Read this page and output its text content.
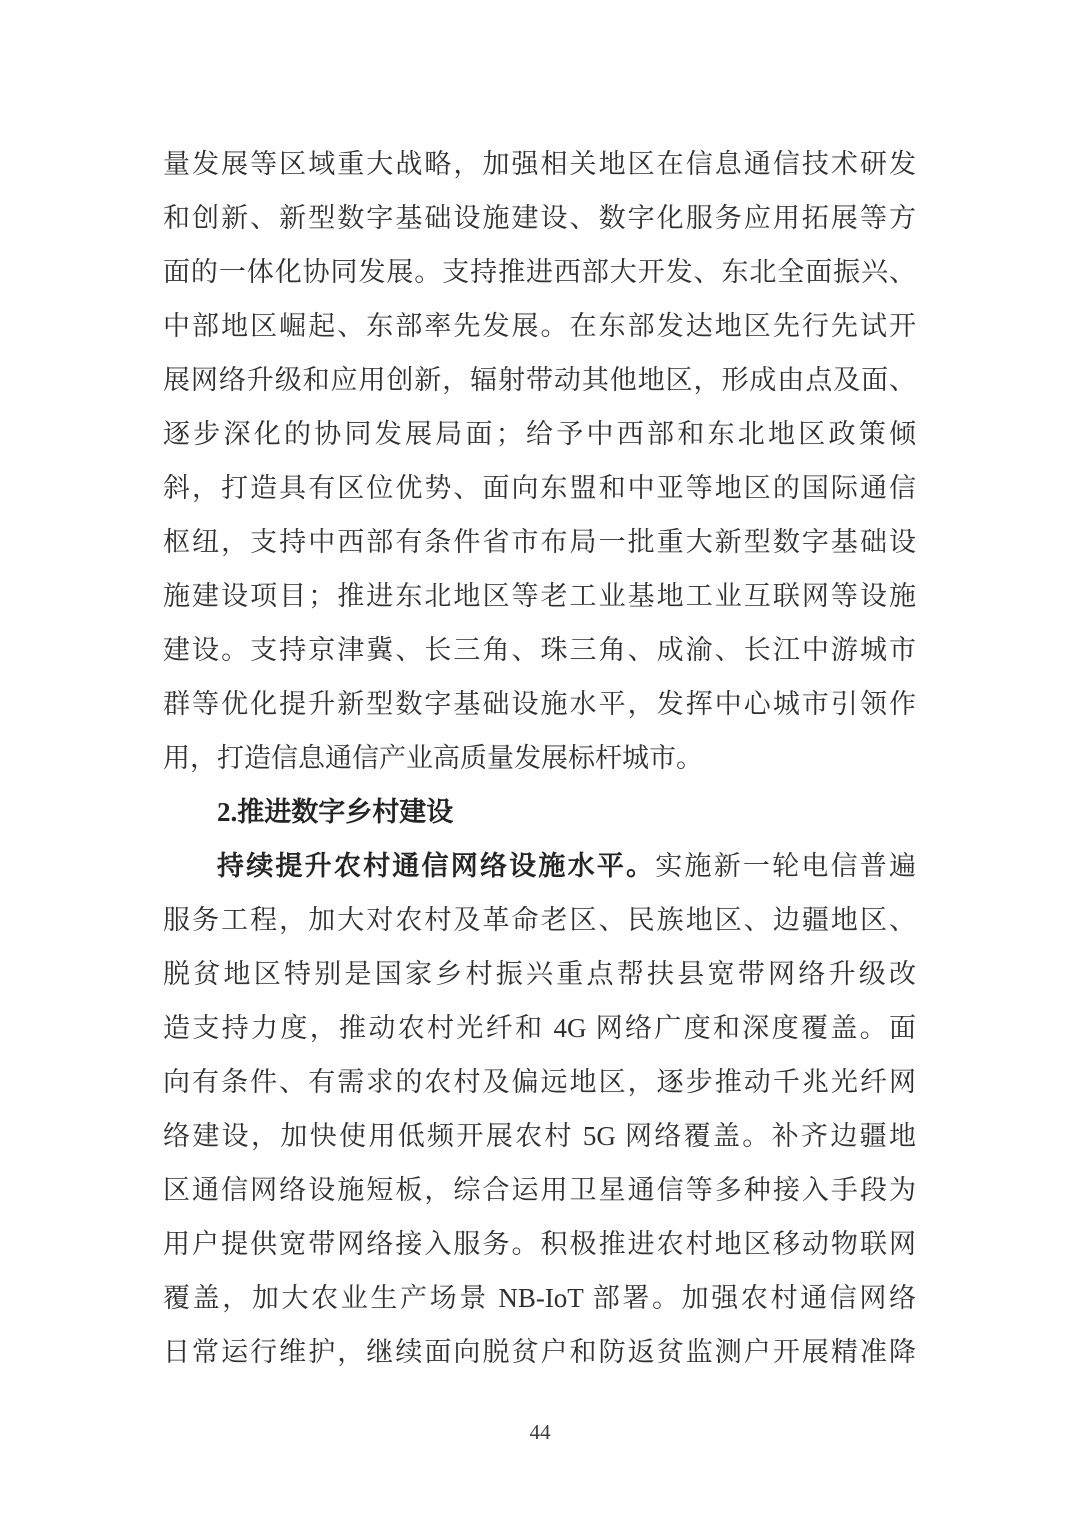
量发展等区域重大战略，加强相关地区在信息通信技术研发
和创新、新型数字基础设施建设、数字化服务应用拓展等方
面的一体化协同发展。支持推进西部大开发、东北全面振兴、
中部地区崛起、东部率先发展。在东部发达地区先行先试开
展网络升级和应用创新，辐射带动其他地区，形成由点及面、
逐步深化的协同发展局面；给予中西部和东北地区政策倾
斜，打造具有区位优势、面向东盟和中亚等地区的国际通信
枢纽，支持中西部有条件省市布局一批重大新型数字基础设
施建设项目；推进东北地区等老工业基地工业互联网等设施
建设。支持京津冀、长三角、珠三角、成渝、长江中游城市
群等优化提升新型数字基础设施水平，发挥中心城市引领作
用，打造信息通信产业高质量发展标杆城市。
2.推进数字乡村建设
持续提升农村通信网络设施水平。实施新一轮电信普遍
服务工程，加大对农村及革命老区、民族地区、边疆地区、
脱贫地区特别是国家乡村振兴重点帮扶县宽带网络升级改
造支持力度，推动农村光纤和 4G 网络广度和深度覆盖。面
向有条件、有需求的农村及偏远地区，逐步推动千兆光纤网
络建设，加快使用低频开展农村 5G 网络覆盖。补齐边疆地
区通信网络设施短板，综合运用卫星通信等多种接入手段为
用户提供宽带网络接入服务。积极推进农村地区移动物联网
覆盖，加大农业生产场景 NB-IoT 部署。加强农村通信网络
日常运行维护，继续面向脱贫户和防返贫监测户开展精准降
44
